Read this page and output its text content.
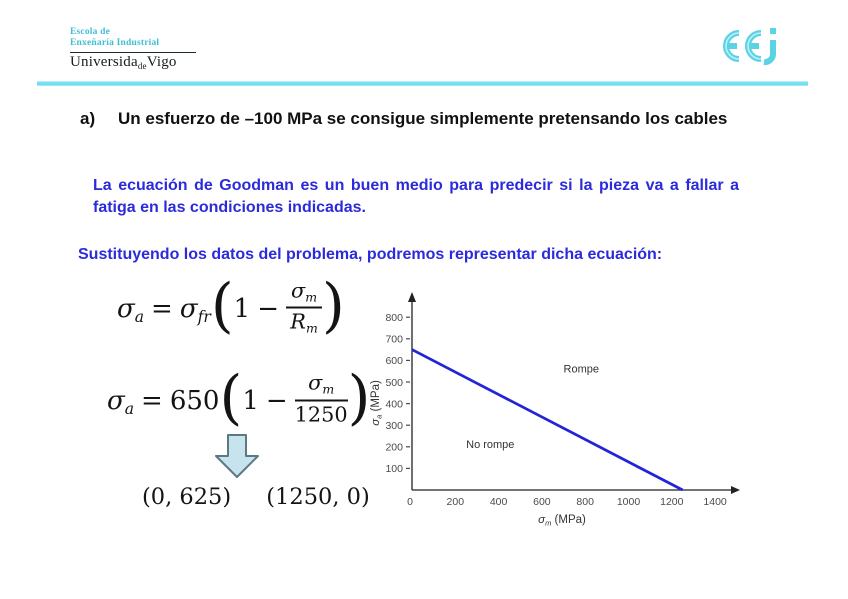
Escola de
Enxeñaría Industrial
Universida$_{de}$Vigo
a)	Un esfuerzo de –100 MPa se consigue simplemente pretensando los cables
La ecuación de Goodman es un buen medio para predecir si la pieza va a fallar a fatiga en las condiciones indicadas.
Sustituyendo los datos del problema, podremos representar dicha ecuación:
$\sigma a = \sigma fr(1 - \frac{\sigma m}{Rm}$ )
$\sigma a = 650(1 - \frac{\sigma m}{1250}$ )
(0, 625) (1250, 0)
100
200
300
400
500
600
700
800
0	200 400 600 800 1000 1200 1400
Rompe
No rompe
$\sigma_m$ (MPa)
$\sigma_a$ (MPa)
